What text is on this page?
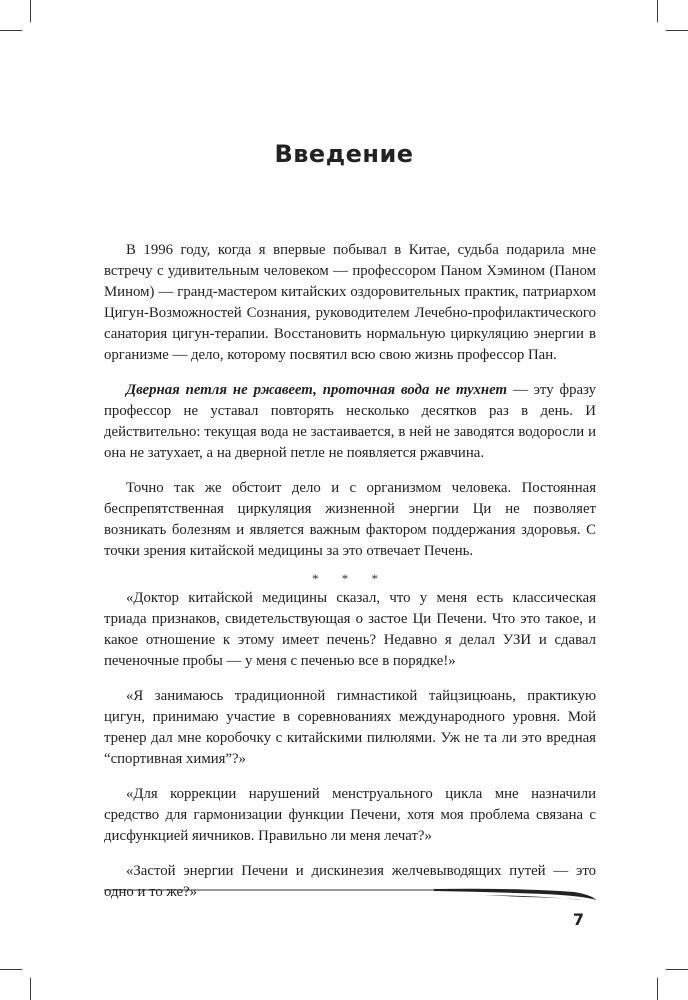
Введение

В 1996 году, когда я впервые побывал в Китае, судьба подарила мне встречу с удивительным человеком — профессором Паном Хэмином (Паном Мином) — гранд-мастером китайских оздоровительных практик, патриархом Цигун-Возможностей Сознания, руководителем Лечебно-профилактического санатория цигун-терапии. Восстановить нормальную циркуляцию энергии в организме — дело, которому посвятил всю свою жизнь профессор Пан.

Дверная петля не ржавеет, проточная вода не тухнет — эту фразу профессор не уставал повторять несколько десятков раз в день. И действительно: текущая вода не застаивается, в ней не заводятся водоросли и она не затухает, а на дверной петле не появляется ржавчина.

Точно так же обстоит дело и с организмом человека. Постоянная беспрепятственная циркуляция жизненной энергии Ци не позволяет возникать болезням и является важным фактором поддержания здоровья. С точки зрения китайской медицины за это отвечает Печень.

* * *

«Доктор китайской медицины сказал, что у меня есть классическая триада признаков, свидетельствующая о застое Ци Печени. Что это такое, и какое отношение к этому имеет печень? Недавно я делал УЗИ и сдавал печеночные пробы — у меня с печенью все в порядке!»

«Я занимаюсь традиционной гимнастикой тайцзицюань, практикую цигун, принимаю участие в соревнованиях международного уровня. Мой тренер дал мне коробочку с китайскими пилюлями. Уж не та ли это вредная “спортивная химия”?»

«Для коррекции нарушений менструального цикла мне назначили средство для гармонизации функции Печени, хотя моя проблема связана с дисфункцией яичников. Правильно ли меня лечат?»

«Застой энергии Печени и дискинезия желчевыводящих путей — это одно и то же?»

7
